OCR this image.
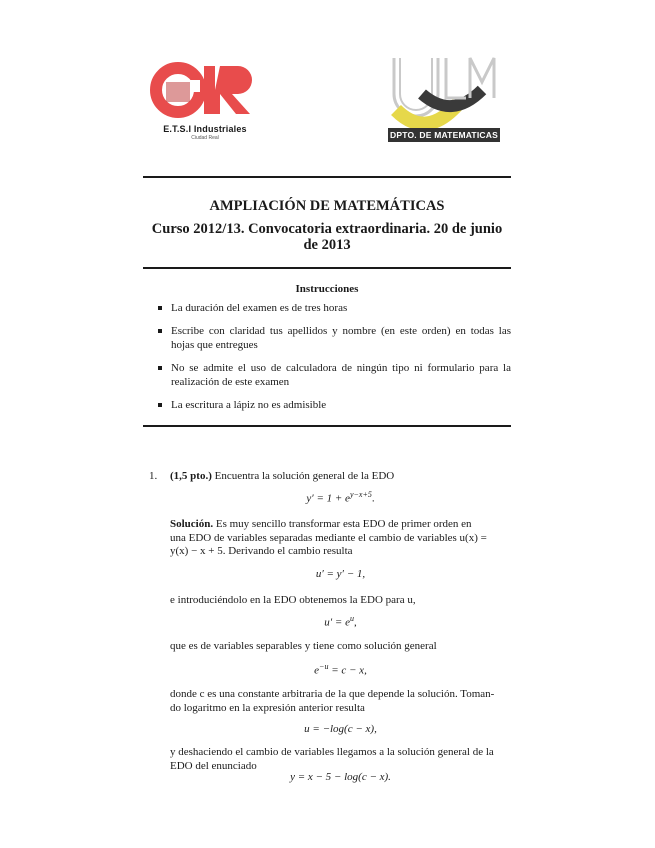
E.T.S.I Industriales
Ciudad Real	DPTO. DE MATEMATICAS
AMPLIACIÓN DE MATEMÁTICAS
Curso 2012/13. Convocatoria extraordinaria. 20 de junio
de 2013
Instrucciones
La duración del examen es de tres horas
Escribe con claridad tus apellidos y nombre (en este orden) en todas las hojas que entregues
No se admite el uso de calculadora de ningún tipo ni formulario para la realización de este examen
La escritura a lápiz no es admisible
1. (1,5 pto.) Encuentra la solución general de la EDO
$y' = 1 + e^{y-x+5}$.
Solución. Es muy sencillo transformar esta EDO de primer orden en
una EDO de variables separadas mediante el cambio de variables u(x) =
y(x) − x + 5. Derivando el cambio resulta
u′ = y′ − 1,
e introduciéndolo en la EDO obtenemos la EDO para u,
$u' = e^u$,
que es de variables separables y tiene como solución general
$e^{-u} = c - x$,
donde c es una constante arbitraria de la que depende la solución. Toman-
do logaritmo en la expresión anterior resulta
u = −log(c − x),
y deshaciendo el cambio de variables llegamos a la solución general de la
EDO del enunciado
y = x − 5 − log(c − x).
